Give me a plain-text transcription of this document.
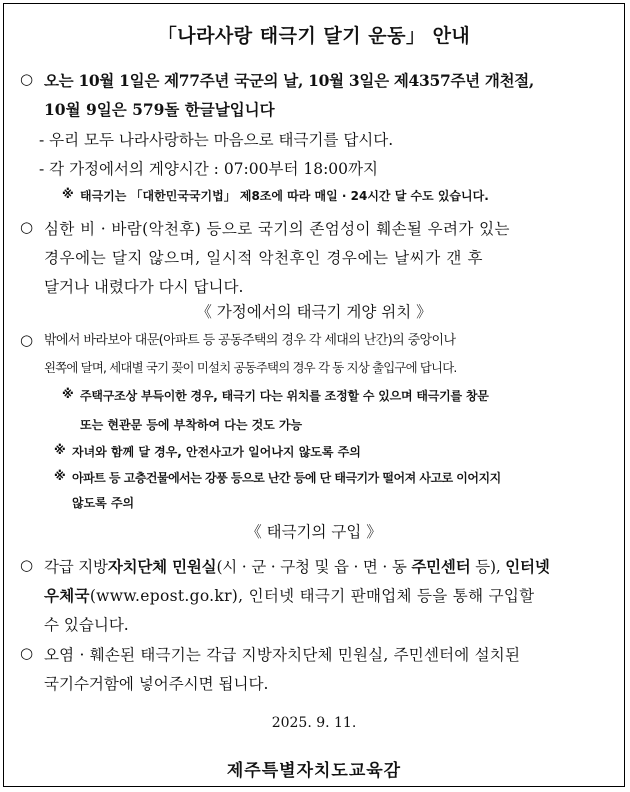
「나라사랑 태극기 달기 운동」 안내
○ 오는 10월 1일은 제77주년 국군의 날, 10월 3일은 제4357주년 개천절,
10월 9일은 579돌 한글날입니다
- 우리 모두 나라사랑하는 마음으로 태극기를 답시다.
- 각 가정에서의 게양시간 : 07:00부터 18:00까지
※ 태극기는 「대한민국국기법」 제8조에 따라 매일 · 24시간 달 수도 있습니다.
○ 심한 비 · 바람(악천후) 등으로 국기의 존엄성이 훼손될 우려가 있는
경우에는 달지 않으며, 일시적 악천후인 경우에는 날씨가 갠 후
달거나 내렸다가 다시 답니다.
《 가정에서의 태극기 게양 위치 》
○ 밖에서 바라보아 대문(아파트 등 공동주택의 경우 각 세대의 난간)의 중앙이나
왼쪽에 달며, 세대별 국기 꽂이 미설치 공동주택의 경우 각 동 지상 출입구에 답니다.
※ 주택구조상 부득이한 경우, 태극기 다는 위치를 조정할 수 있으며 태극기를 창문
또는 현관문 등에 부착하여 다는 것도 가능
※ 자녀와 함께 달 경우, 안전사고가 일어나지 않도록 주의
※ 아파트 등 고층건물에서는 강풍 등으로 난간 등에 단 태극기가 떨어져 사고로 이어지지
않도록 주의
《 태극기의 구입 》
○ 각급 지방자치단체 민원실(시 · 군 · 구청 및 읍 · 면 · 동 주민센터 등), 인터넷
우체국(www.epost.go.kr), 인터넷 태극기 판매업체 등을 통해 구입할
수 있습니다.
○ 오염 · 훼손된 태극기는 각급 지방자치단체 민원실, 주민센터에 설치된
국기수거함에 넣어주시면 됩니다.
2025. 9. 11.
제주특별자치도교육감
